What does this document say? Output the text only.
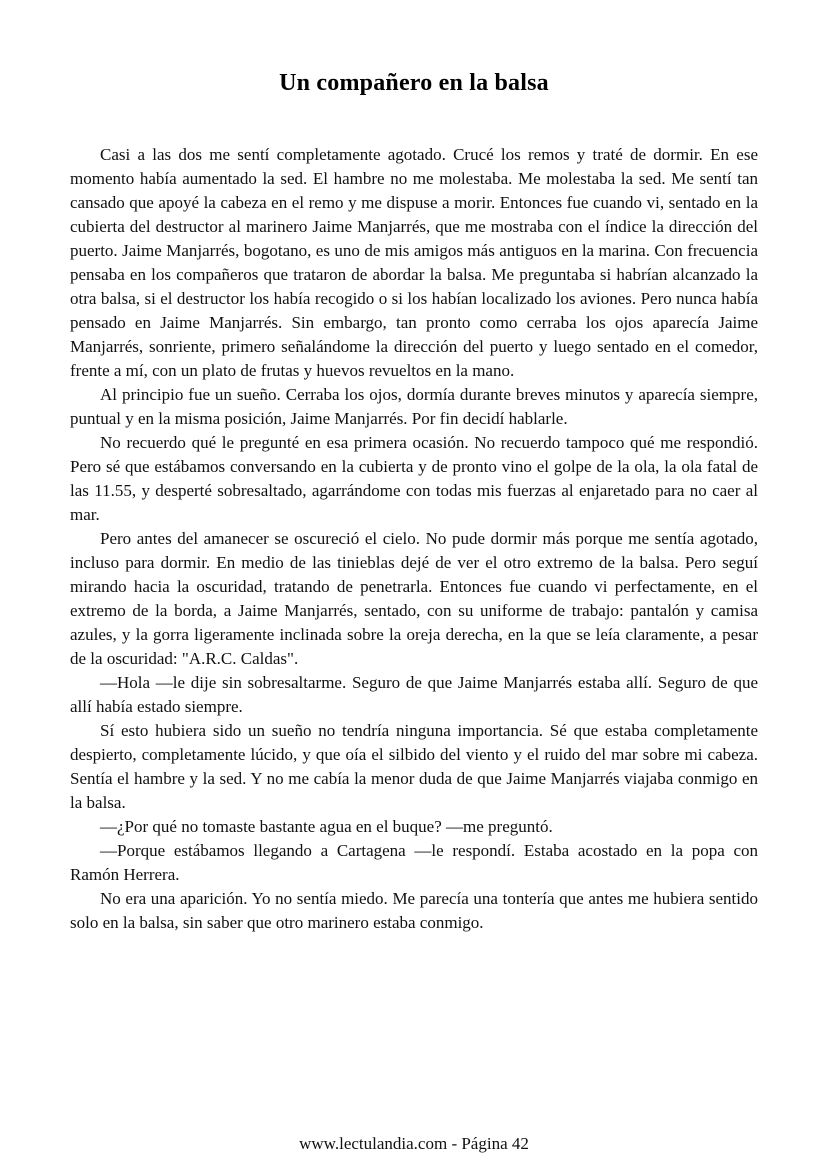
Un compañero en la balsa

Casi a las dos me sentí completamente agotado. Crucé los remos y traté de dormir. En ese momento había aumentado la sed. El hambre no me molestaba. Me molestaba la sed. Me sentí tan cansado que apoyé la cabeza en el remo y me dispuse a morir. Entonces fue cuando vi, sentado en la cubierta del destructor al marinero Jaime Manjarrés, que me mostraba con el índice la dirección del puerto. Jaime Manjarrés, bogotano, es uno de mis amigos más antiguos en la marina. Con frecuencia pensaba en los compañeros que trataron de abordar la balsa. Me preguntaba si habrían alcanzado la otra balsa, si el destructor los había recogido o si los habían localizado los aviones. Pero nunca había pensado en Jaime Manjarrés. Sin embargo, tan pronto como cerraba los ojos aparecía Jaime Manjarrés, sonriente, primero señalándome la dirección del puerto y luego sentado en el comedor, frente a mí, con un plato de frutas y huevos revueltos en la mano.

Al principio fue un sueño. Cerraba los ojos, dormía durante breves minutos y aparecía siempre, puntual y en la misma posición, Jaime Manjarrés. Por fin decidí hablarle.

No recuerdo qué le pregunté en esa primera ocasión. No recuerdo tampoco qué me respondió. Pero sé que estábamos conversando en la cubierta y de pronto vino el golpe de la ola, la ola fatal de las 11.55, y desperté sobresaltado, agarrándome con todas mis fuerzas al enjaretado para no caer al mar.

Pero antes del amanecer se oscureció el cielo. No pude dormir más porque me sentía agotado, incluso para dormir. En medio de las tinieblas dejé de ver el otro extremo de la balsa. Pero seguí mirando hacia la oscuridad, tratando de penetrarla. Entonces fue cuando vi perfectamente, en el extremo de la borda, a Jaime Manjarrés, sentado, con su uniforme de trabajo: pantalón y camisa azules, y la gorra ligeramente inclinada sobre la oreja derecha, en la que se leía claramente, a pesar de la oscuridad: "A.R.C. Caldas".

—Hola —le dije sin sobresaltarme. Seguro de que Jaime Manjarrés estaba allí. Seguro de que allí había estado siempre.

Sí esto hubiera sido un sueño no tendría ninguna importancia. Sé que estaba completamente despierto, completamente lúcido, y que oía el silbido del viento y el ruido del mar sobre mi cabeza. Sentía el hambre y la sed. Y no me cabía la menor duda de que Jaime Manjarrés viajaba conmigo en la balsa.

—¿Por qué no tomaste bastante agua en el buque? —me preguntó.

—Porque estábamos llegando a Cartagena —le respondí. Estaba acostado en la popa con Ramón Herrera.

No era una aparición. Yo no sentía miedo. Me parecía una tontería que antes me hubiera sentido solo en la balsa, sin saber que otro marinero estaba conmigo.

www.lectulandia.com - Página 42
